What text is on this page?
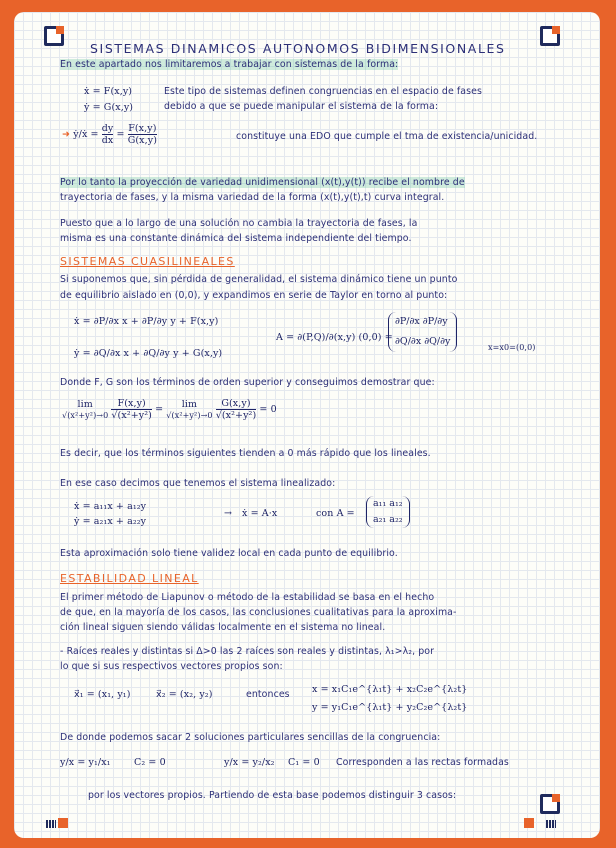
SISTEMAS DINAMICOS AUTONOMOS BIDIMENSIONALES
En este apartado nos limitaremos a trabajar con sistemas de la forma:
ẋ = F(x,y)
ẏ = G(x,y)
Este tipo de sistemas definen congruencias en el espacio de fases
debido a que se puede manipular el sistema de la forma:
➜ ẏ/ẋ = $\frac{dy}{dx} = \frac{F(x,y)}{G(x,y)}$	constituye una EDO que cumple el tma de existencia/unicidad.
Por lo tanto la proyección de variedad unidimensional (x(t),y(t)) recibe el nombre de
trayectoria de fases, y la misma variedad de la forma (x(t),y(t),t) curva integral.
Puesto que a lo largo de una solución no cambia la trayectoria de fases, la
misma es una constante dinámica del sistema independiente del tiempo.
SISTEMAS CUASILINEALES
Si suponemos que, sin pérdida de generalidad, el sistema dinámico tiene un punto
de equilibrio aislado en (0,0), y expandimos en serie de Taylor en torno al punto:
ẋ = ∂P/∂x x + ∂P/∂y y + F(x,y)
ẏ = ∂Q/∂x x + ∂Q/∂y y + G(x,y)
A = ∂(P,Q)/∂(x,y) (0,0) =
∂P/∂x ∂P/∂y
∂Q/∂x ∂Q/∂y
x=x0=(0,0)
Donde F, G son los términos de orden superior y conseguimos demostrar que:
lim
√(x²+y²)→0
$\frac{F(x,y)}{\text{√(x²+y²)}}$ =	lim
√(x²+y²)→0
$\frac{G(x,y)}{\text{√(x²+y²)}} = 0$
Es decir, que los términos siguientes tienden a 0 más rápido que los lineales.
En ese caso decimos que tenemos el sistema linealizado:
ẋ = a₁₁x + a₁₂y
ẏ = a₂₁x + a₂₂y
→ ẋ = A·x	con A =
a₁₁ a₁₂
a₂₁ a₂₂
Esta aproximación solo tiene validez local en cada punto de equilibrio.
ESTABILIDAD LINEAL
El primer método de Liapunov o método de la estabilidad se basa en el hecho
de que, en la mayoría de los casos, las conclusiones cualitativas para la aproxima-
ción lineal siguen siendo válidas localmente en el sistema no lineal.
- Raíces reales y distintas si Δ>0 las 2 raíces son reales y distintas, λ₁>λ₂, por
lo que si sus respectivos vectores propios son:
x⃗₁ = (x₁, y₁)	x⃗₂ = (x₂, y₂)	entonces x = x₁C₁e^{λ₁t} + x₂C₂e^{λ₂t}
y = y₁C₁e^{λ₁t} + y₂C₂e^{λ₂t}
De donde podemos sacar 2 soluciones particulares sencillas de la congruencia:
y/x = y₁/x₁ C₂ = 0	y/x = y₂/x₂ C₁ = 0 Corresponden a las rectas formadas
por los vectores propios. Partiendo de esta base podemos distinguir 3 casos:
